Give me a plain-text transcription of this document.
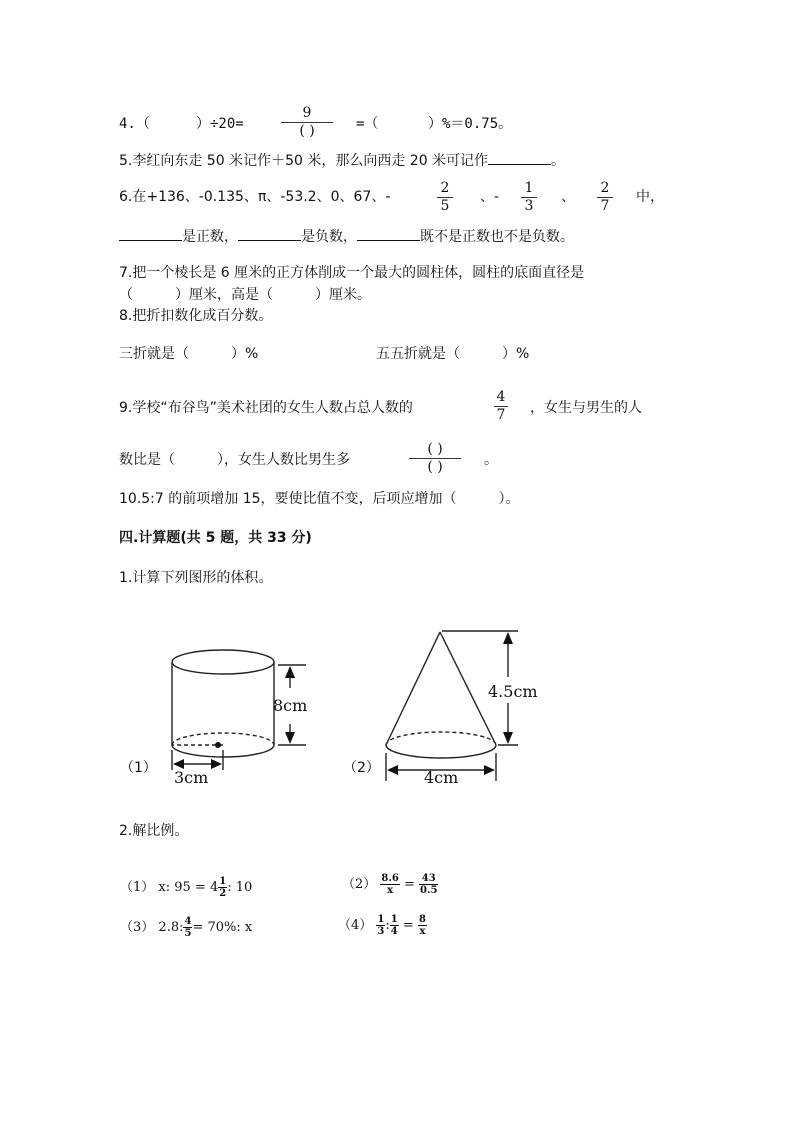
4.（	）÷20=
9
( )	=（	）%＝0.75。
5.李红向东走 50 米记作＋50 米，那么向西走 20 米可记作	。
6.在+136、-0.135、π、-53.2、0、67、-
2
5
、-
1
3
、
2
7
中，
是正数，	是负数，	既不是正数也不是负数。
7.把一个棱长是 6 厘米的正方体削成一个最大的圆柱体，圆柱的底面直径是
（　　　）厘米，高是（　　　）厘米。
8.把折扣数化成百分数。
三折就是（　　　）%	五五折就是（　　　）%
9.学校“布谷鸟”美术社团的女生人数占总人数的
4
7 ，女生与男生的人
数比是（　　　），女生人数比男生多
( )
( )	。
10.5:7 的前项增加 15，要使比值不变，后项应增加（　　　）。
四.计算题(共 5 题，共 33 分)
1.计算下列图形的体积。
（1）
8cm
3cm	（2）
4.5cm
4cm
2.解比例。
（1） x: $95 = 4 \frac{1}{2}$ : 10	$(2) \frac{8.6}{x} = \frac{43}{0.5}$
（3） 2.8: $\frac{4}{5} = 70\%$: x	$(4) \frac{1}{3}$ : $\frac{1}{4} = \frac{8}{x}$
